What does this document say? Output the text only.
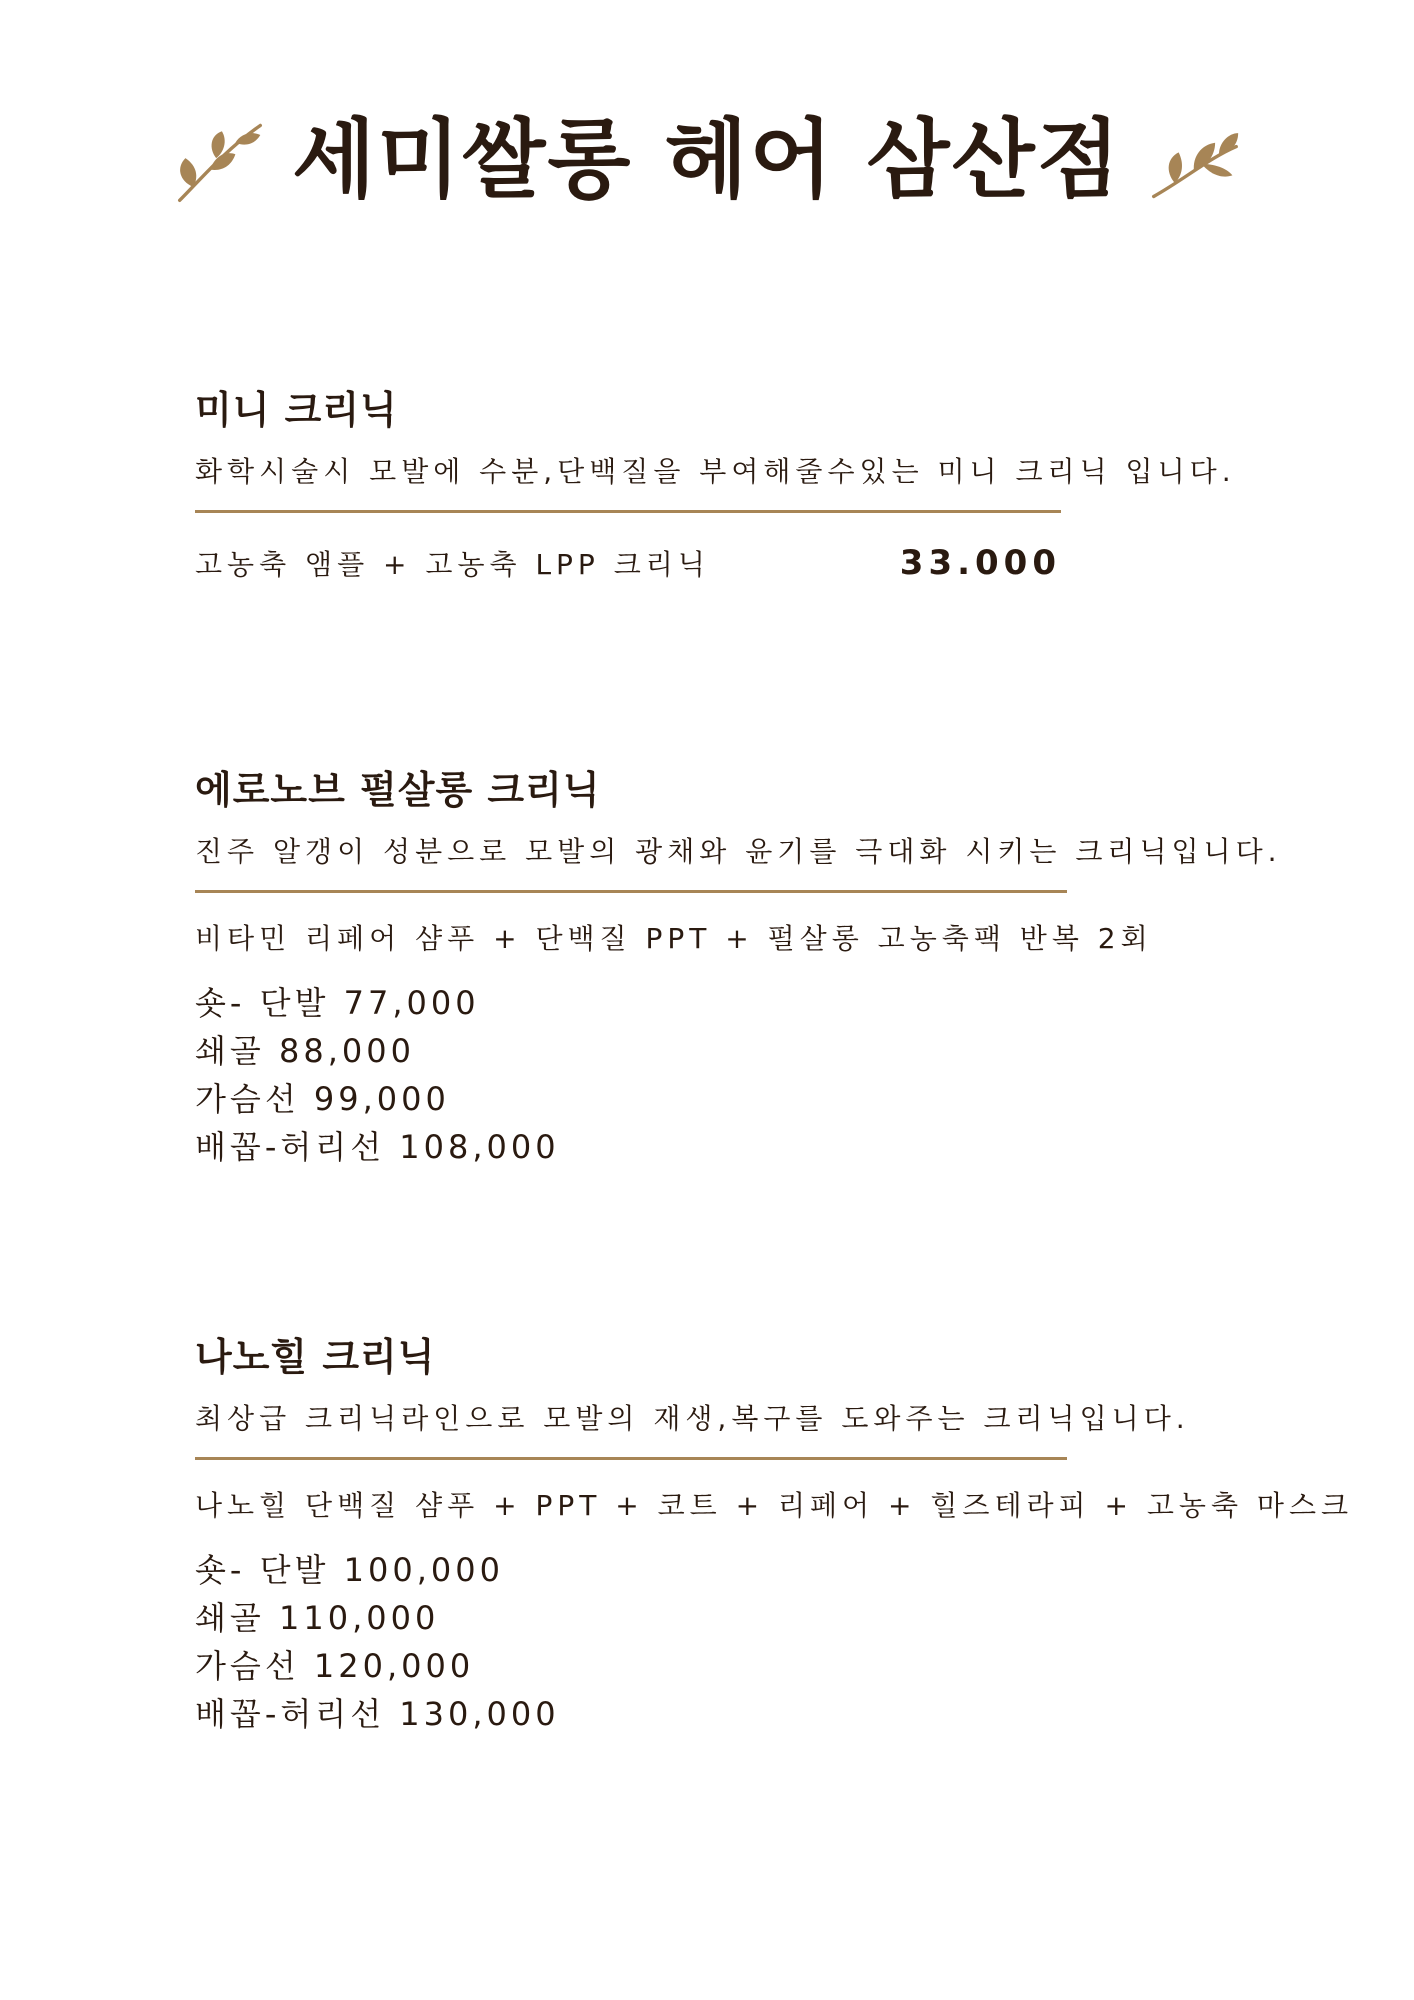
세미쌀롱 헤어 삼산점
미니 크리닉
화학시술시 모발에 수분,단백질을 부여해줄수있는 미니 크리닉 입니다.
고농축 앰플 + 고농축 LPP 크리닉	33.000
에로노브 펄살롱 크리닉
진주 알갱이 성분으로 모발의 광채와 윤기를 극대화 시키는 크리닉입니다.
비타민 리페어 샴푸 + 단백질 PPT + 펄살롱 고농축팩 반복 2회
숏- 단발 77,000
쇄골 88,000
가슴선 99,000
배꼽-허리선 108,000
나노힐 크리닉
최상급 크리닉라인으로 모발의 재생,복구를 도와주는 크리닉입니다.
나노힐 단백질 샴푸 + PPT + 코트 + 리페어 + 힐즈테라피 + 고농축 마스크
숏- 단발 100,000
쇄골 110,000
가슴선 120,000
배꼽-허리선 130,000
